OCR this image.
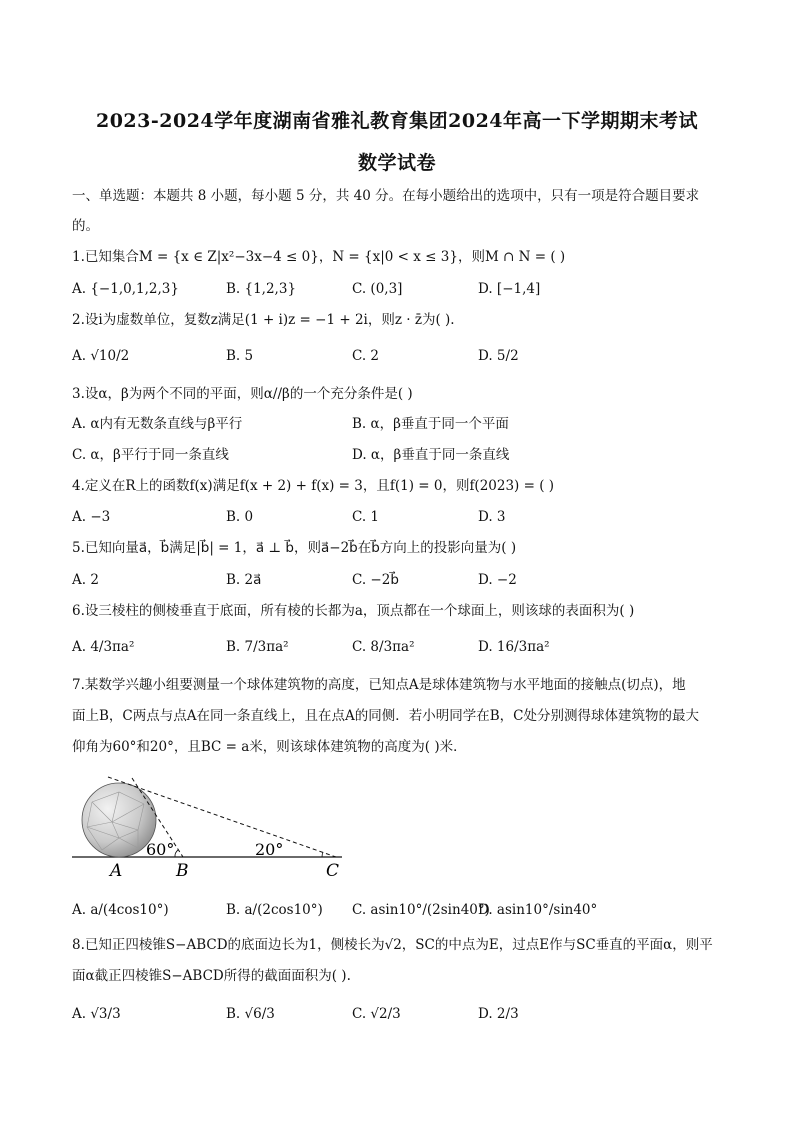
2023-2024学年度湖南省雅礼教育集团2024年高一下学期期末考试
数学试卷
一、单选题：本题共 8 小题，每小题 5 分，共 40 分。在每小题给出的选项中，只有一项是符合题目要求
的。
1.已知集合M = {x ∈ Z|x²−3x−4 ≤ 0}，N = {x|0 < x ≤ 3}，则M ∩ N = ( )
A. {−1,0,1,2,3}	B. {1,2,3}	C. (0,3]	D. [−1,4]
2.设i为虚数单位，复数z满足(1 + i)z = −1 + 2i，则z · z̄为( ).
A. √10/2	B. 5	C. 2	D. 5/2
3.设α，β为两个不同的平面，则α//β的一个充分条件是( )
A. α内有无数条直线与β平行	B. α，β垂直于同一个平面
C. α，β平行于同一条直线	D. α，β垂直于同一条直线
4.定义在R上的函数f(x)满足f(x + 2) + f(x) = 3，且f(1) = 0，则f(2023) = ( )
A. −3	B. 0	C. 1	D. 3
5.已知向量a⃗，b⃗满足|b⃗| = 1，a⃗ ⊥ b⃗，则a⃗−2b⃗在b⃗方向上的投影向量为( )
A. 2	B. 2a⃗	C. −2b⃗	D. −2
6.设三棱柱的侧棱垂直于底面，所有棱的长都为a，顶点都在一个球面上，则该球的表面积为( )
A. 4/3πa²	B. 7/3πa²	C. 8/3πa²	D. 16/3πa²
7.某数学兴趣小组要测量一个球体建筑物的高度，已知点A是球体建筑物与水平地面的接触点(切点)，地
面上B，C两点与点A在同一条直线上，且在点A的同侧．若小明同学在B，C处分别测得球体建筑物的最大
仰角为60°和20°，且BC = a米，则该球体建筑物的高度为( )米．
60°	20°
A	B	C
A. a/(4cos10°)	B. a/(2cos10°) C. asin10°/(2sin40°)
D. asin10°/sin40°
8.已知正四棱锥S−ABCD的底面边长为1，侧棱长为√2，SC的中点为E，过点E作与SC垂直的平面α，则平
面α截正四棱锥S−ABCD所得的截面面积为( ).
A. √3/3	B. √6/3	C. √2/3	D. 2/3
